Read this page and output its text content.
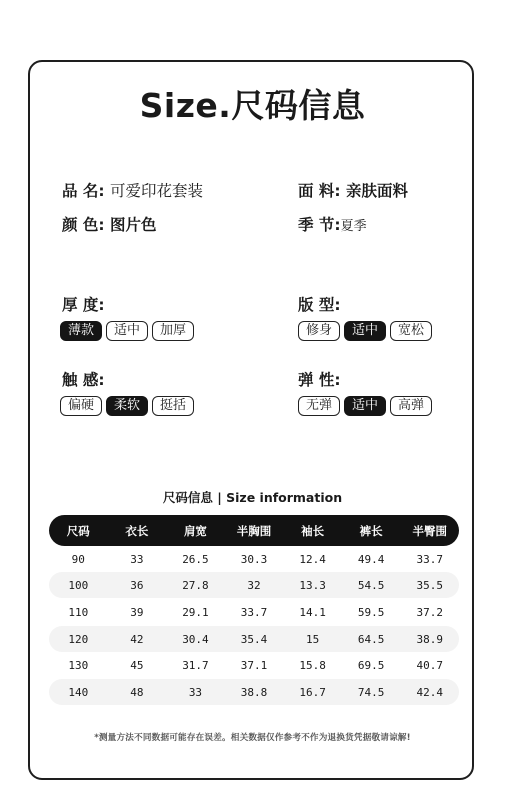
Size.尺码信息
品 名: 可爱印花套装	面 料: 亲肤面料
颜 色: 图片色	季 节:夏季
厚 度:
薄款	适中	加厚
版 型:
修身	适中	宽松
触 感:
偏硬	柔软	挺括
弹 性:
无弹	适中	高弹
尺码信息 | Size information
尺码	衣长	肩宽	半胸围	袖长	裤长	半臀围
90	33	26.5	30.3	12.4	49.4	33.7
100	36	27.8	32	13.3	54.5	35.5
110	39	29.1	33.7	14.1	59.5	37.2
120	42	30.4	35.4	15	64.5	38.9
130	45	31.7	37.1	15.8	69.5	40.7
140	48	33	38.8	16.7	74.5	42.4
*测量方法不同数据可能存在误差。相关数据仅作参考不作为退换货凭据敬请谅解!
